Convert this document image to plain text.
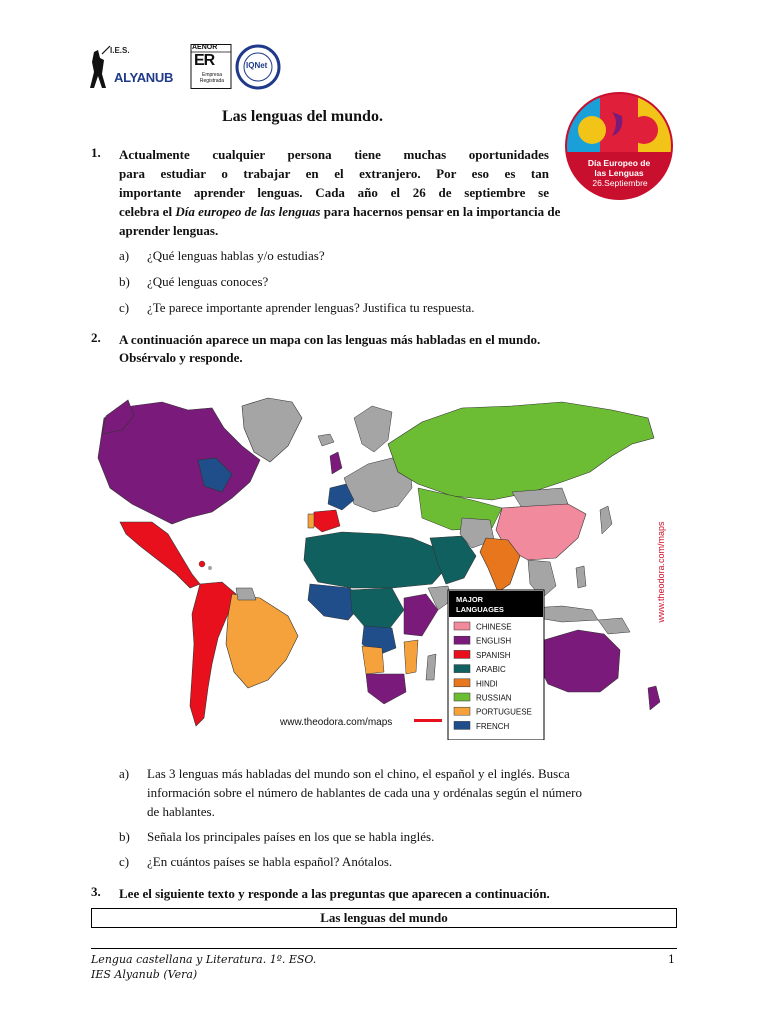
I.E.S.
ALYANUB
AENOR
ER
Empresa Registrada
IQNet
Las lenguas del mundo.
Día Europeo de
las Lenguas
26.Septiembre
1. Actualmente cualquier persona tiene muchas oportunidades
para estudiar o trabajar en el extranjero. Por eso es tan
importante aprender lenguas. Cada año el 26 de septiembre se
celebra el Día europeo de las lenguas para hacernos pensar en la importancia de
aprender lenguas.
a) ¿Qué lenguas hablas y/o estudias?
b) ¿Qué lenguas conoces?
c) ¿Te parece importante aprender lenguas? Justifica tu respuesta.
2. A continuación aparece un mapa con las lenguas más habladas en el mundo.
Obsérvalo y responde.
MAJOR
LANGUAGES
CHINESE
ENGLISH
SPANISH
ARABIC
HINDI
RUSSIAN
PORTUGUESE
FRENCH
www.theodora.com/maps
www.theodora.com/maps
a) Las 3 lenguas más habladas del mundo son el chino, el español y el inglés. Busca
información sobre el número de hablantes de cada una y ordénalas según el número
de hablantes.
b) Señala los principales países en los que se habla inglés.
c) ¿En cuántos países se habla español? Anótalos.
3. Lee el siguiente texto y responde a las preguntas que aparecen a continuación.
Las lenguas del mundo
Lengua castellana y Literatura. 1º. ESO.
IES Alyanub (Vera)
1
